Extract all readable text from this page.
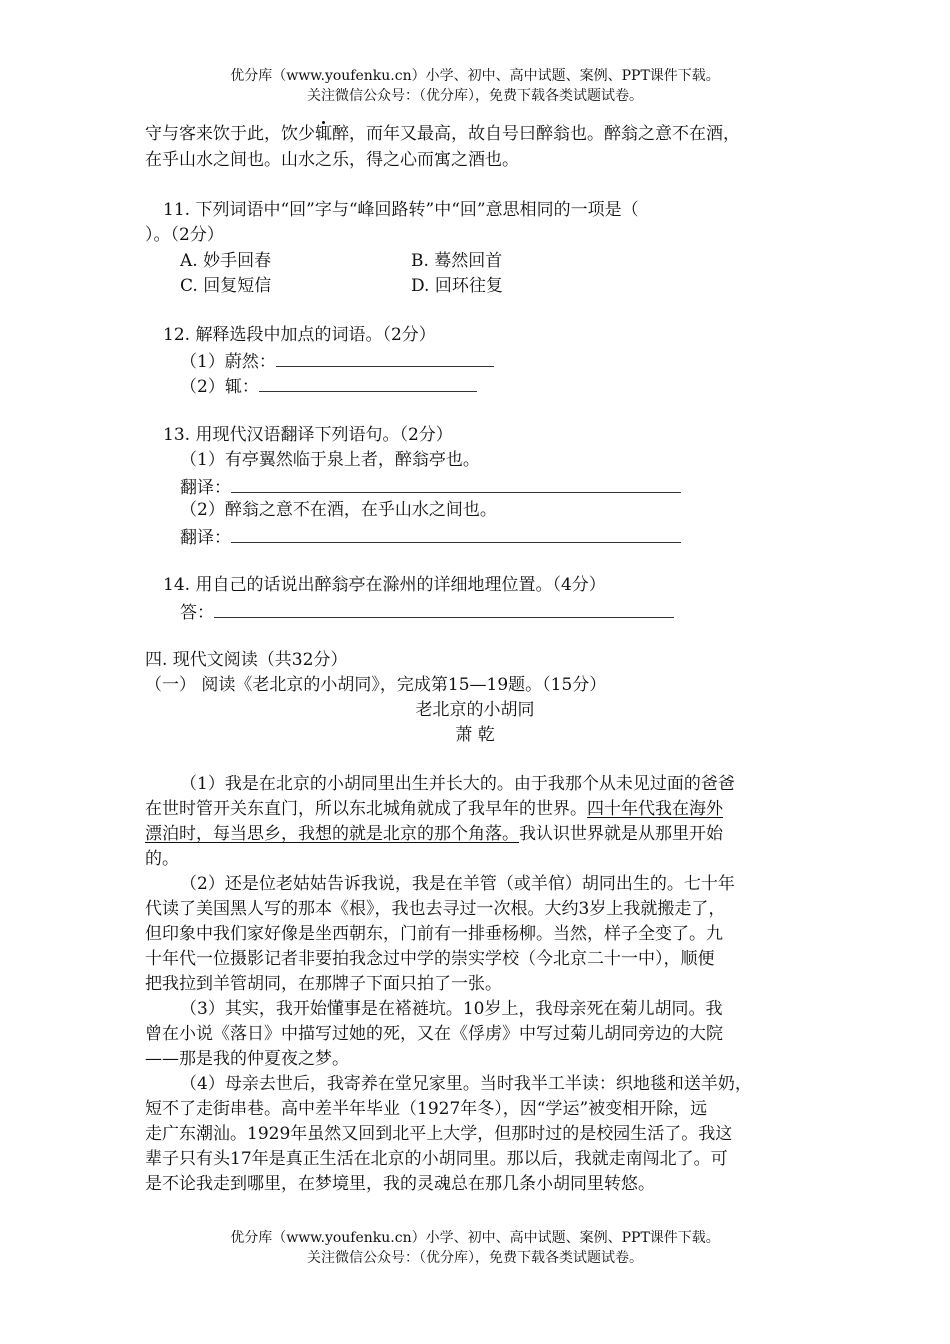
优分库（www.youfenku.cn）小学、初中、高中试题、案例、PPT课件下载。
关注微信公众号：（优分库），免费下载各类试题试卷。
守与客来饮于此，饮少辄醉，而年又最高，故自号曰醉翁也。醉翁之意不在酒，
在乎山水之间也。山水之乐，得之心而寓之酒也。
11. 下列词语中“回”字与“峰回路转”中“回”意思相同的一项是（
）。（2分）
A. 妙手回春	B. 蓦然回首
C. 回复短信	D. 回环往复
12. 解释选段中加点的词语。（2分）
（1）蔚然：
（2）辄：
13. 用现代汉语翻译下列语句。（2分）
（1）有亭翼然临于泉上者，醉翁亭也。
翻译：
（2）醉翁之意不在酒，在乎山水之间也。
翻译：
14. 用自己的话说出醉翁亭在滁州的详细地理位置。（4分）
答：
四. 现代文阅读（共32分）
（一） 阅读《老北京的小胡同》，完成第15—19题。（15分）
老北京的小胡同
萧 乾
（1）我是在北京的小胡同里出生并长大的。由于我那个从未见过面的爸爸
在世时管开关东直门，所以东北城角就成了我早年的世界。四十年代我在海外
漂泊时，每当思乡，我想的就是北京的那个角落。我认识世界就是从那里开始
的。
（2）还是位老姑姑告诉我说，我是在羊管（或羊倌）胡同出生的。七十年
代读了美国黑人写的那本《根》，我也去寻过一次根。大约3岁上我就搬走了，
但印象中我们家好像是坐西朝东，门前有一排垂杨柳。当然，样子全变了。九
十年代一位摄影记者非要拍我念过中学的崇实学校（今北京二十一中），顺便
把我拉到羊管胡同，在那牌子下面只拍了一张。
（3）其实，我开始懂事是在褡裢坑。10岁上，我母亲死在菊儿胡同。我
曾在小说《落日》中描写过她的死，又在《俘虏》中写过菊儿胡同旁边的大院
——那是我的仲夏夜之梦。
（4）母亲去世后，我寄养在堂兄家里。当时我半工半读：织地毯和送羊奶，
短不了走街串巷。高中差半年毕业（1927年冬），因“学运”被变相开除，远
走广东潮汕。1929年虽然又回到北平上大学，但那时过的是校园生活了。我这
辈子只有头17年是真正生活在北京的小胡同里。那以后，我就走南闯北了。可
是不论我走到哪里，在梦境里，我的灵魂总在那几条小胡同里转悠。
优分库（www.youfenku.cn）小学、初中、高中试题、案例、PPT课件下载。
关注微信公众号：（优分库），免费下载各类试题试卷。
